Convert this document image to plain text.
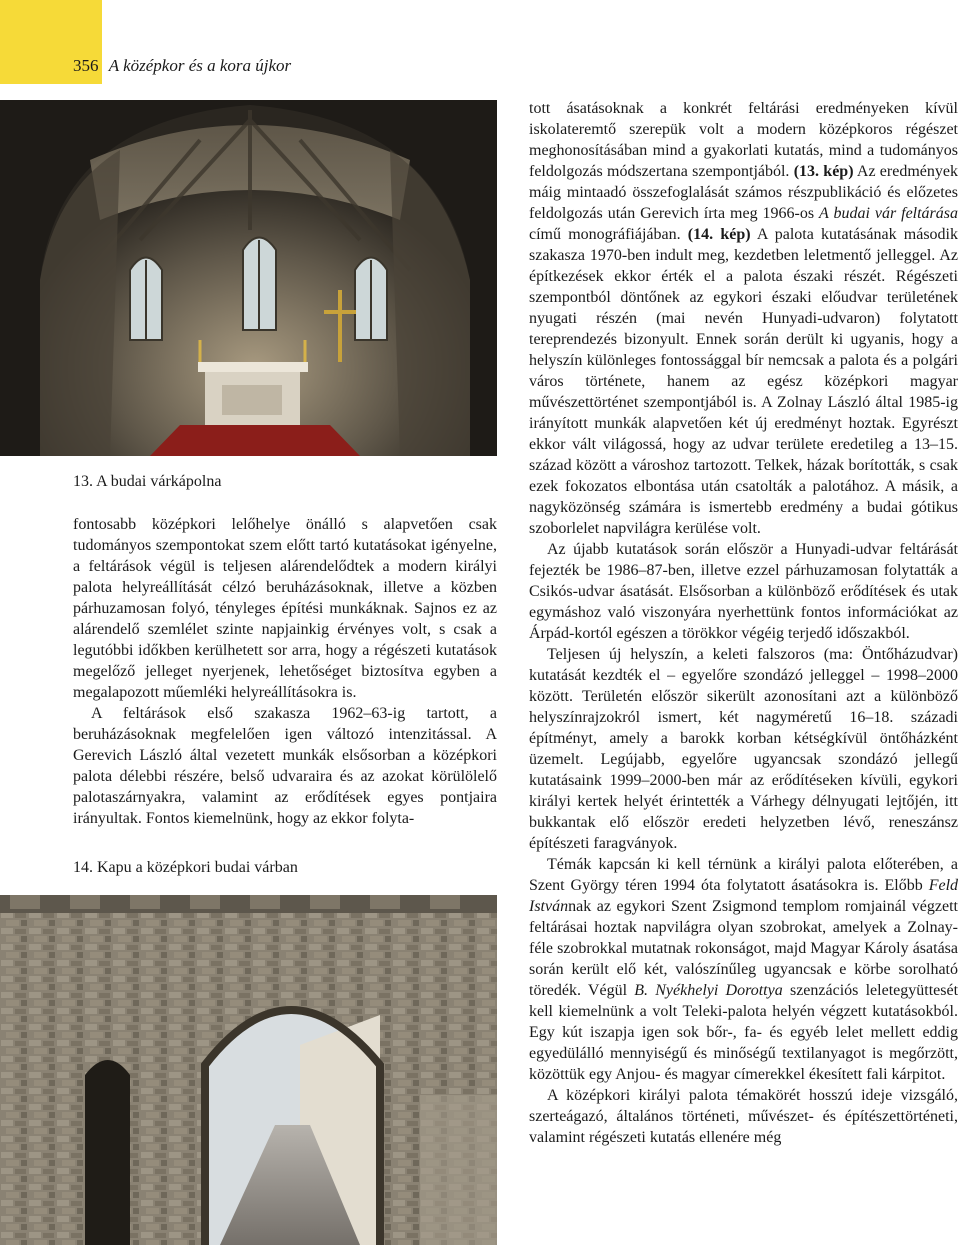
356 A középkor és a kora újkor
13. A budai várkápolna

fontosabb középkori lelőhelye önálló s alapvetően csak tudományos szempontokat szem előtt tartó kutatásokat igényelne, a feltárások végül is teljesen alárendelődtek a modern királyi palota helyreállítását célzó beruházásoknak, illetve a közben párhuzamosan folyó, tényleges építési munkáknak. Sajnos ez az alárendelő szemlélet szinte napjainkig érvényes volt, s csak a legutóbbi időkben kerülhetett sor arra, hogy a régészeti kutatások megelőző jelleget nyerjenek, lehetőséget biztosítva egyben a megalapozott műemléki helyreállításokra is.

A feltárások első szakasza 1962–63-ig tartott, a beruházásoknak megfelelően igen változó intenzitással. A Gerevich László által vezetett munkák elsősorban a középkori palota délebbi részére, belső udvaraira és az azokat körülölelő palotaszárnyakra, valamint az erődítések egyes pontjaira irányultak. Fontos kiemelnünk, hogy az ekkor folyta-

14. Kapu a középkori budai várban

tott ásatásoknak a konkrét feltárási eredményeken kívül iskolateremtő szerepük volt a modern középkoros régészet meghonosításában mind a gyakorlati kutatás, mind a tudományos feldolgozás módszertana szempontjából. (13. kép) Az eredmények máig mintaadó összefoglalását számos részpublikáció és előzetes feldolgozás után Gerevich írta meg 1966-os A budai vár feltárása című monográfiájában. (14. kép) A palota kutatásának második szakasza 1970-ben indult meg, kezdetben leletmentő jelleggel. Az építkezések ekkor érték el a palota északi részét. Régészeti szempontból döntőnek az egykori északi előudvar területének nyugati részén (mai nevén Hunyadi-udvaron) folytatott tereprendezés bizonyult. Ennek során derült ki ugyanis, hogy a helyszín különleges fontossággal bír nemcsak a palota és a polgári város története, hanem az egész középkori magyar művészettörténet szempontjából is. A Zolnay László által 1985-ig irányított munkák alapvetően két új eredményt hoztak. Egyrészt ekkor vált világossá, hogy az udvar területe eredetileg a 13–15. század között a városhoz tartozott. Telkek, házak borították, s csak ezek fokozatos elbontása után csatolták a palotához. A másik, a nagyközönség számára is ismertebb eredmény a budai gótikus szoborlelet napvilágra kerülése volt.

Az újabb kutatások során először a Hunyadi-udvar feltárását fejezték be 1986–87-ben, illetve ezzel párhuzamosan folytatták a Csikós-udvar ásatását. Elsősorban a különböző erődítések és utak egymáshoz való viszonyára nyerhettünk fontos információkat az Árpád-kortól egészen a törökkor végéig terjedő időszakból.

Teljesen új helyszín, a keleti falszoros (ma: Öntőházudvar) kutatását kezdték el – egyelőre szondázó jelleggel – 1998–2000 között. Területén először sikerült azonosítani azt a különböző helyszínrajzokról ismert, két nagyméretű 16–18. századi építményt, amely a barokk korban kétségkívül öntőházként üzemelt. Legújabb, egyelőre ugyancsak szondázó jellegű kutatásaink 1999–2000-ben már az erődítéseken kívüli, egykori királyi kertek helyét érintették a Várhegy délnyugati lejtőjén, itt bukkantak elő először eredeti helyzetben lévő, reneszánsz építészeti faragványok.

Témák kapcsán ki kell térnünk a királyi palota előterében, a Szent György téren 1994 óta folytatott ásatásokra is. Előbb Feld Istvánnak az egykori Szent Zsigmond templom romjainál végzett feltárásai hoztak napvilágra olyan szobrokat, amelyek a Zolnay-féle szobrokkal mutatnak rokonságot, majd Magyar Károly ásatása során került elő két, valószínűleg ugyancsak e körbe sorolható töredék. Végül B. Nyékhelyi Dorottya szenzációs leletegyüttesét kell kiemelnünk a volt Teleki-palota helyén végzett kutatásokból. Egy kút iszapja igen sok bőr-, fa- és egyéb lelet mellett eddig egyedülálló mennyiségű és minőségű textilanyagot is megőrzött, közöttük egy Anjou- és magyar címerekkel ékesített fali kárpitot.

A középkori királyi palota témakörét hosszú ideje vizsgáló, szerteágazó, általános történeti, művészet- és építészettörténeti, valamint régészeti kutatás ellenére még
